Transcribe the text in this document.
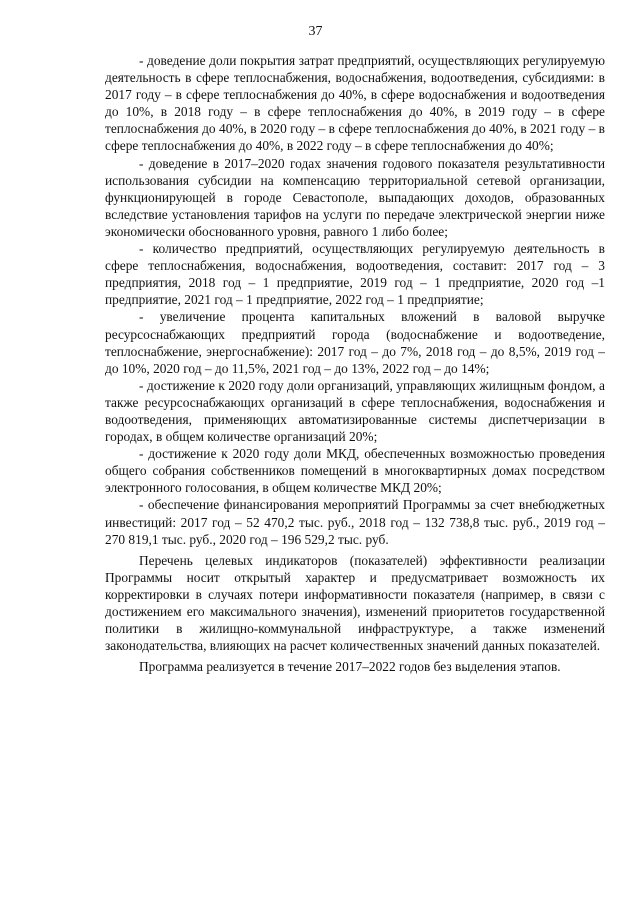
37

- доведение доли покрытия затрат предприятий, осуществляющих регулируемую деятельность в сфере теплоснабжения, водоснабжения, водоотведения, субсидиями: в 2017 году – в сфере теплоснабжения до 40%, в сфере водоснабжения и водоотведения до 10%, в 2018 году – в сфере теплоснабжения до 40%, в 2019 году – в сфере теплоснабжения до 40%, в 2020 году – в сфере теплоснабжения до 40%, в 2021 году – в сфере теплоснабжения до 40%, в 2022 году – в сфере теплоснабжения до 40%;

- доведение в 2017–2020 годах значения годового показателя результативности использования субсидии на компенсацию территориальной сетевой организации, функционирующей в городе Севастополе, выпадающих доходов, образованных вследствие установления тарифов на услуги по передаче электрической энергии ниже экономически обоснованного уровня, равного 1 либо более;

- количество предприятий, осуществляющих регулируемую деятельность в сфере теплоснабжения, водоснабжения, водоотведения, составит: 2017 год – 3 предприятия, 2018 год – 1 предприятие, 2019 год – 1 предприятие, 2020 год –1 предприятие, 2021 год – 1 предприятие, 2022 год – 1 предприятие;

- увеличение процента капитальных вложений в валовой выручке ресурсоснабжающих предприятий города (водоснабжение и водоотведение, теплоснабжение, энергоснабжение): 2017 год – до 7%, 2018 год – до 8,5%, 2019 год – до 10%, 2020 год – до 11,5%, 2021 год – до 13%, 2022 год – до 14%;

- достижение к 2020 году доли организаций, управляющих жилищным фондом, а также ресурсоснабжающих организаций в сфере теплоснабжения, водоснабжения и водоотведения, применяющих автоматизированные системы диспетчеризации в городах, в общем количестве организаций 20%;

- достижение к 2020 году доли МКД, обеспеченных возможностью проведения общего собрания собственников помещений в многоквартирных домах посредством электронного голосования, в общем количестве МКД 20%;

- обеспечение финансирования мероприятий Программы за счет внебюджетных инвестиций: 2017 год – 52 470,2 тыс. руб., 2018 год – 132 738,8 тыс. руб., 2019 год – 270 819,1 тыс. руб., 2020 год – 196 529,2 тыс. руб.

Перечень целевых индикаторов (показателей) эффективности реализации Программы носит открытый характер и предусматривает возможность их корректировки в случаях потери информативности показателя (например, в связи с достижением его максимального значения), изменений приоритетов государственной политики в жилищно-коммунальной инфраструктуре, а также изменений законодательства, влияющих на расчет количественных значений данных показателей.

Программа реализуется в течение 2017–2022 годов без выделения этапов.
